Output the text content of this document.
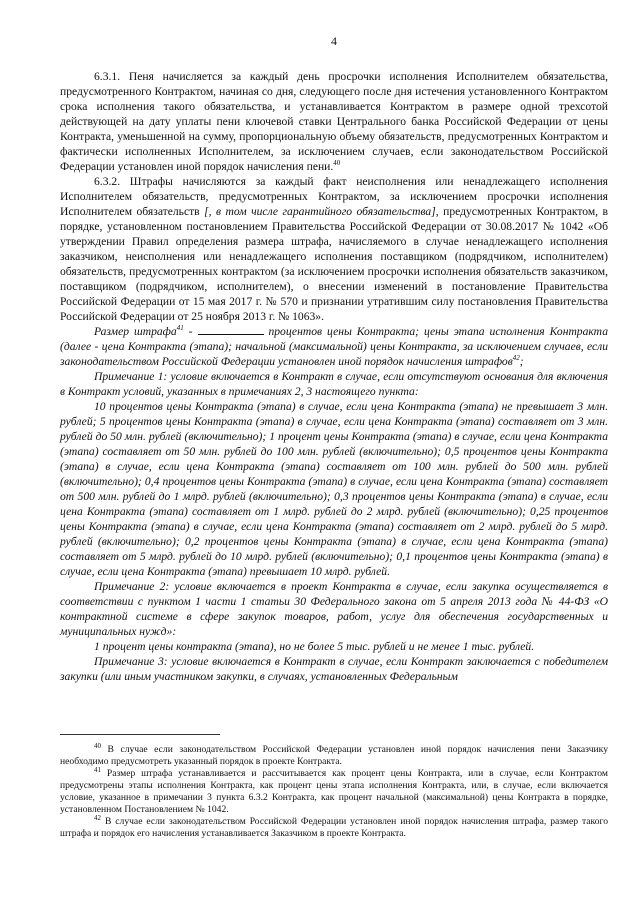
4

6.3.1. Пеня начисляется за каждый день просрочки исполнения Исполнителем обязательства, предусмотренного Контрактом, начиная со дня, следующего после дня истечения установленного Контрактом срока исполнения такого обязательства, и устанавливается Контрактом в размере одной трехсотой действующей на дату уплаты пени ключевой ставки Центрального банка Российской Федерации от цены Контракта, уменьшенной на сумму, пропорциональную объему обязательств, предусмотренных Контрактом и фактически исполненных Исполнителем, за исключением случаев, если законодательством Российской Федерации установлен иной порядок начисления пени.$^{40}$

6.3.2. Штрафы начисляются за каждый факт неисполнения или ненадлежащего исполнения Исполнителем обязательств, предусмотренных Контрактом, за исключением просрочки исполнения Исполнителем обязательств [, в том числе гарантийного обязательства], предусмотренных Контрактом, в порядке, установленном постановлением Правительства Российской Федерации от 30.08.2017 № 1042 «Об утверждении Правил определения размера штрафа, начисляемого в случае ненадлежащего исполнения заказчиком, неисполнения или ненадлежащего исполнения поставщиком (подрядчиком, исполнителем) обязательств, предусмотренных контрактом (за исключением просрочки исполнения обязательств заказчиком, поставщиком (подрядчиком, исполнителем), о внесении изменений в постановление Правительства Российской Федерации от 15 мая 2017 г. № 570 и признании утратившим силу постановления Правительства Российской Федерации от 25 ноября 2013 г. № 1063».

Размер штрафа$^{41}$ -	процентов цены Контракта; цены этапа исполнения Контракта (далее - цена Контракта (этапа); начальной (максимальной) цены Контракта, за исключением случаев, если законодательством Российской Федерации установлен иной порядок начисления штрафов$^{42}$;

Примечание 1: условие включается в Контракт в случае, если отсутствуют основания для включения в Контракт условий, указанных в примечаниях 2, 3 настоящего пункта:

10 процентов цены Контракта (этапа) в случае, если цена Контракта (этапа) не превышает 3 млн. рублей; 5 процентов цены Контракта (этапа) в случае, если цена Контракта (этапа) составляет от 3 млн. рублей до 50 млн. рублей (включительно); 1 процент цены Контракта (этапа) в случае, если цена Контракта (этапа) составляет от 50 млн. рублей до 100 млн. рублей (включительно); 0,5 процентов цены Контракта (этапа) в случае, если цена Контракта (этапа) составляет от 100 млн. рублей до 500 млн. рублей (включительно); 0,4 процентов цены Контракта (этапа) в случае, если цена Контракта (этапа) составляет от 500 млн. рублей до 1 млрд. рублей (включительно); 0,3 процентов цены Контракта (этапа) в случае, если цена Контракта (этапа) составляет от 1 млрд. рублей до 2 млрд. рублей (включительно); 0,25 процентов цены Контракта (этапа) в случае, если цена Контракта (этапа) составляет от 2 млрд. рублей до 5 млрд. рублей (включительно); 0,2 процентов цены Контракта (этапа) в случае, если цена Контракта (этапа) составляет от 5 млрд. рублей до 10 млрд. рублей (включительно); 0,1 процентов цены Контракта (этапа) в случае, если цена Контракта (этапа) превышает 10 млрд. рублей.

Примечание 2: условие включается в проект Контракта в случае, если закупка осуществляется в соответствии с пунктом 1 части 1 статьи 30 Федерального закона от 5 апреля 2013 года № 44-ФЗ «О контрактной системе в сфере закупок товаров, работ, услуг для обеспечения государственных и муниципальных нужд»:

1 процент цены контракта (этапа), но не более 5 тыс. рублей и не менее 1 тыс. рублей.

Примечание 3: условие включается в Контракт в случае, если Контракт заключается с победителем закупки (или иным участником закупки, в случаях, установленных Федеральным

$^{40}$ В случае если законодательством Российской Федерации установлен иной порядок начисления пени Заказчику необходимо предусмотреть указанный порядок в проекте Контракта.

$^{41}$ Размер штрафа устанавливается и рассчитывается как процент цены Контракта, или в случае, если Контрактом предусмотрены этапы исполнения Контракта, как процент цены этапа исполнения Контракта, или, в случае, если включается условие, указанное в примечании 3 пункта 6.3.2 Контракта, как процент начальной (максимальной) цены Контракта в порядке, установленном Постановлением № 1042.

$^{42}$ В случае если законодательством Российской Федерации установлен иной порядок начисления штрафа, размер такого штрафа и порядок его начисления устанавливается Заказчиком в проекте Контракта.
